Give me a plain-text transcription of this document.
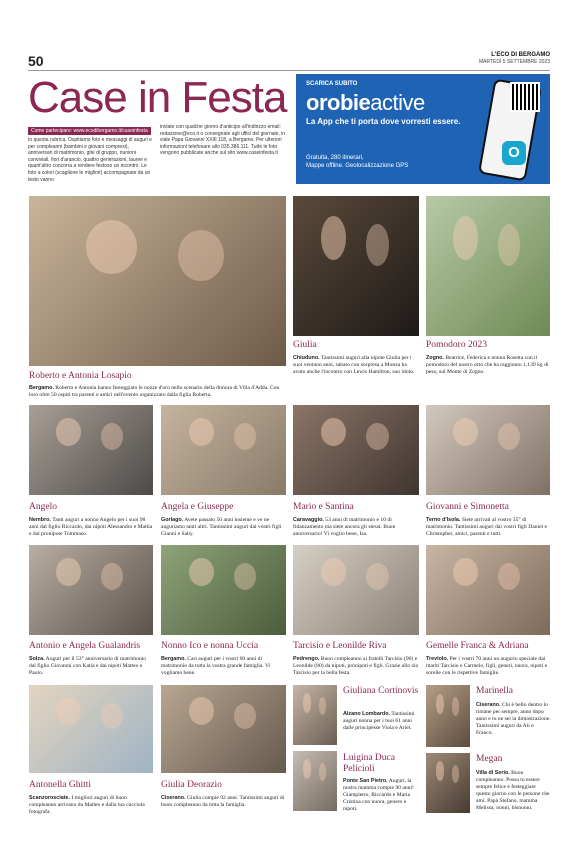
50	L'ECO DI BERGAMO
MARTEDÌ 5 SETTEMBRE 2023
Case in Festa
Come partecipare: www.ecodibergamo.it/caseinfesta
In questa rubrica. Ospitiamo foto e messaggi di auguri e per compleanni (bambini e giovani compresi), anniversari di matrimonio, gite di gruppo, riunioni conviviali, fiori d'arancio, quattro generazioni, lauree e quant'altro concorra a rendere festoso un incontro. Le foto a colori (scaglione le migliori) accompagnate da un testo vanno
inviate con qualche giorno d'anticipo all'indirizzo email: redazione@eco.it o consegnate agli uffici del giornale, in viale Papa Giovanni XXIII 118, a Bergamo. Per ulteriori informazioni telefonare allo 035.386.111. Tutte le foto vengono pubblicate anche sul sito www.caseinfesta.it
SCARICA SUBITO
orobieactive
La App che ti porta dove vorresti essere.
Gratuita, 280 itinerari,
Mappe offline. Geolocalizzazione GPS
O
Roberto e Antonia Losapio
Bergamo. Roberto e Antonia hanno festeggiato le nozze d'oro nello scenario della dimora di Villa d'Adda. Con loro oltre 50 ospiti tra parenti e amici nell'evento organizzato dalla figlia Roberta.
Giulia
Chiuduno. Tantissimi auguri alla nipote Giulia per i suoi ventuno anni, sabato con sorpresa a Monza ha avuto anche l'incontro con Lewis Hamilton, suo idolo.
Pomodoro 2023
Zogno. Beatrice, Federica e nonna Rosetta con il pomodoro del nostro orto che ha raggiunto 1,139 kg di peso, sul Monte di Zogno.
Angelo
Nembro. Tanti auguri a nonno Angelo per i suoi 98 anni dal figlio Riccardo, dai nipoti Alessandro e Mattia e dal pronipote Tommaso.
Angela e Giuseppe
Gorlago. Avete passato 50 anni insieme e ve ne auguriamo tanti altri. Tantissimi auguri dai vostri figli Gianni e Saby.
Mario e Santina
Caravaggio. 53 anni di matrimonio e 10 di fidanzamento ma siete ancora gli stessi. Buon anniversario! Vi voglio bene, Isa.
Giovanni e Simonetta
Terno d'Isola. Siete arrivati al vostro 35° di matrimonio. Tantissimi auguri dai vostri figli Daniel e Christopher, amici, parenti e tutti.
Antonio e Angela Gualandris
Solza. Auguri per il 53° anniversario di matrimonio dal figlio Giovanni con Katia e dai nipoti Matteo e Paolo.
Nonno Ico e nonna Uccia
Bergamo. Cari auguri per i vostri 60 anni di matrimonio da tutta la vostra grande famiglia. Vi vogliamo bene.
Tarcisio e Leonilde Riva
Pedrengo. Buon compleanno ai fratelli Tarcisio (90) e Leonilde (80) da nipoti, pronipoti e figli. Grazie allo zio Tarcisio per la bella festa.
Gemelle Franca & Adriana
Treviolo. Per i vostri 70 anni un augurio speciale dai mariti Tarcisio e Carmelo, figli, generi, nuora, nipoti e sorelle con le rispettive famiglie.
Antonella Ghitti
Scanzorosciate. I migliori auguri di buon compleanno arrivano da Matteo e dalla tua cucciola fotografa.
Giulia Deorazio
Ciserano. Giulia compie 92 anni. Tantissimi auguri di buon compleanno da tutta la famiglia.
Giuliana Cortinovis
Alzano Lombardo. Tantissimi auguri nonna per i tuoi 61 anni dalle principesse Viola e Ariel.
Luigina Duca Pelicioli
Ponte San Pietro. Auguri, la nostra mamma compie 90 anni! Giampietro, Riccardo e Maria Cristina con nuora, genero e nipoti.
Marinella
Ciserano. Chi è bello dentro lo rimane per sempre, anno dopo anno e tu ne sei la dimostrazione. Tantissimi auguri da Ali e Franco.
Megan
Villa di Serio. Buon compleanno. Possa tu essere sempre felice e festeggiare questo giorno con le persone che ami. Papà Stefano, mamma Melissa, nonni, bisnonni.
